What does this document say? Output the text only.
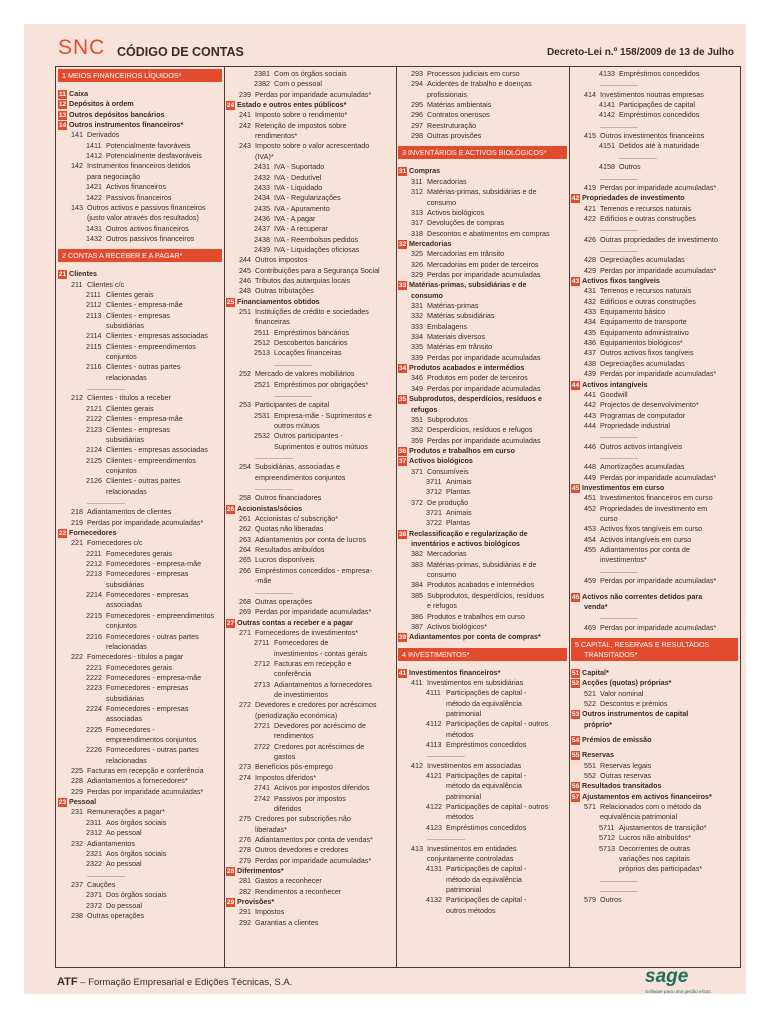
SNC CÓDIGO DE CONTAS	Decreto-Lei n.º 158/2009 de 13 de Julho
1 MEIOS FINANCEIROS LÍQUIDOS*
11 Caixa
12 Depósitos à ordem
13 Outros depósitos bancários
14 Outros instrumentos financeiros*
141 Derivados
1411 Potencialmente favoráveis
1412 Potencialmente desfavoráveis
142 Instrumentos financeiros detidos
para negociação
1421 Activos financeiros
1422 Passivos financeiros
143 Outros activos e passivos financeiros
(justo valor através dos resultados)
1431 Outros activos financeiros
1432 Outros passivos financeiros
2 CONTAS A RECEBER E A PAGAR*
21 Clientes
211 Clientes c/c
2111 Clientes gerais
2112 Clientes - empresa-mãe
2113 Clientes - empresas
subsidiárias
2114 Clientes - empresas associadas
2115 Clientes - empreendimentos
conjuntos
2116 Clientes - outras partes
relacionadas
...................
212 Clientes - títulos a receber
2121 Clientes gerais
2122 Clientes - empresa-mãe
2123 Clientes - empresas
subsidiárias
2124 Clientes - empresas associadas
2125 Clientes - empreendimentos
conjuntos
2126 Clientes - outras partes
relacionadas
...................
218 Adiantamentos de clientes
219 Perdas por imparidade acumuladas*
22 Fornecedores
221 Fornecedores c/c
2211 Fornecedores gerais
2212 Fornecedores - empresa-mãe
2213 Fornecedores - empresas
subsidiárias
2214 Fornecedores - empresas
associadas
2215 Fornecedores - empreendimentos
conjuntos
2216 Fornecedores - outras partes
relacionadas
222 Fornecedores - títulos a pagar
2221 Fornecedores gerais
2222 Fornecedores - empresa-mãe
2223 Fornecedores - empresas
subsidiárias
2224 Fornecedores - empresas
associadas
2225 Fornecedores -
empreendimentos conjuntos
2226 Fornecedores - outras partes
relacionadas
225 Facturas em recepção e conferência
228 Adiantamentos a fornecedores*
229 Perdas por imparidade acumuladas*
23 Pessoal
231 Remunerações a pagar*
2311 Aos órgãos sociais
2312 Ao pessoal
232 Adiantamentos
2321 Aos órgãos sociais
2322 Ao pessoal
...................
237 Cauções
2371 Dos órgãos sociais
2372 Do pessoal
238 Outras operações
2381 Com os órgãos sociais
2382 Com o pessoal
239 Perdas por imparidade acumuladas*
24 Estado e outros entes públicos*
241 Imposto sobre o rendimento*
242 Retenção de impostos sobre
rendimentos*
243 Imposto sobre o valor acrescentado
(IVA)*
2431 IVA - Suportado
2432 IVA - Dedutível
2433 IVA - Liquidado
2434 IVA - Regularizações
2435 IVA - Apuramento
2436 IVA - A pagar
2437 IVA - A recuperar
2438 IVA - Reembolsos pedidos
2439 IVA - Liquidações oficiosas
244 Outros impostos
245 Contribuições para a Segurança Social
246 Tributos das autarquias locais
248 Outras tributações
25 Financiamentos obtidos
251 Instituições de crédito e sociedades
financeiras
2511 Empréstimos bancários
2512 Descobertos bancários
2513 Locações financeiras
...................
252 Mercado de valores mobiliários
2521 Empréstimos por obrigações*
...................
253 Participantes de capital
2531 Empresa-mãe - Suprimentos e
outros mútuos
2532 Outros participantes -
Suprimentos e outros mútuos
...................
254 Subsidiárias, associadas e
empreendimentos conjuntos
...................
258 Outros financiadores
26 Accionistas/sócios
261 Accionistas c/ subscrição*
262 Quotas não liberadas
263 Adiantamentos por conta de lucros
264 Resultados atribuídos
265 Lucros disponíveis
266 Empréstimos concedidos - empresa-
-mãe
...................
268 Outras operações
269 Perdas por imparidade acumuladas*
27 Outras contas a receber e a pagar
271 Fornecedores de investimentos*
2711 Fornecedores de
investimentos - contas gerais
2712 Facturas em recepção e
conferência
2713 Adiantamentos a fornecedores
de investimentos
272 Devedores e credores por acréscimos
(periodização económica)
2721 Devedores por acréscimo de
rendimentos
2722 Credores por acréscimos de
gastos
273 Benefícios pós-emprego
274 Impostos diferidos*
2741 Activos por impostos diferidos
2742 Passivos por impostos
diferidos
275 Credores por subscrições não
liberadas*
276 Adiantamentos por conta de vendas*
278 Outros devedores e credores
279 Perdas por imparidade acumuladas*
28 Diferimentos*
281 Gastos a reconhecer
282 Rendimentos a reconhecer
29 Provisões*
291 Impostos
292 Garantias a clientes
293 Processos judiciais em curso
294 Acidentes de trabalho e doenças
profissionais
295 Matérias ambientais
296 Contratos onerosos
297 Reestruturação
298 Outras provisões
3 INVENTÁRIOS E ACTIVOS BIOLÓGICOS*
31 Compras
311 Mercadorias
312 Matérias-primas, subsidiárias e de
consumo
313 Activos biológicos
317 Devoluções de compras
318 Descontos e abatimentos em compras
32 Mercadorias
325 Mercadorias em trânsito
326 Mercadorias em poder de terceiros
329 Perdas por imparidade acumuladas
33 Matérias-primas, subsidiárias e de
consumo
331 Matérias-primas
332 Matérias subsidiárias
333 Embalagens
334 Materiais diversos
335 Matérias em trânsito
339 Perdas por imparidade acumuladas
34 Produtos acabados e intermédios
346 Produtos em poder de terceiros
349 Perdas por imparidade acumuladas
35 Subprodutos, desperdícios, resíduos e
refugos
351 Subprodutos
352 Desperdícios, resíduos e refugos
359 Perdas por imparidade acumuladas
36 Produtos e trabalhos em curso
37 Activos biológicos
371 Consumíveis
3711 Animais
3712 Plantas
372 De produção
3721 Animais
3722 Plantas
38 Reclassificação e regularização de
inventários e activos biológicos
382 Mercadorias
383 Matérias-primas, subsidiárias e de
consumo
384 Produtos acabados e intermédios
385 Subprodutos, desperdícios, resíduos
e refugos
386 Produtos e trabalhos em curso
387 Activos biológicos*
39 Adiantamentos por conta de compras*
4 INVESTIMENTOS*
41 Investimentos financeiros*
411 Investimentos em subsidiárias
4111 Participações de capital -
método da equivalência
patrimonial
4112 Participações de capital - outros
métodos
4113 Empréstimos concedidos
...................
412 Investimentos em associadas
4121 Participações de capital -
método da equivalência
patrimonial
4122 Participações de capital - outros
métodos
4123 Empréstimos concedidos
...................
413 Investimentos em entidades
conjuntamente controladas
4131 Participações de capital -
método da equivalência
patrimonial
4132 Participações de capital -
outros métodos
4133 Empréstimos concedidos
...................
414 Investimentos noutras empresas
4141 Participações de capital
4142 Empréstimos concedidos
...................
415 Outros investimentos financeiros
4151 Detidos até à maturidade
...................
4158 Outros
...................
419 Perdas por imparidade acumuladas*
42 Propriedades de investimento
421 Terrenos e recursos naturais
422 Edifícios e outras construções
...................
426 Outras propriedades de investimento
...................
428 Depreciações acumuladas
429 Perdas por imparidade acumuladas*
43 Activos fixos tangíveis
431 Terrenos e recursos naturais
432 Edifícios e outras construções
433 Equipamento básico
434 Equipamento de transporte
435 Equipamento administrativo
436 Equipamentos biológicos*
437 Outros activos fixos tangíveis
438 Depreciações acumuladas
439 Perdas por imparidade acumuladas*
44 Activos intangíveis
441 Goodwill
442 Projectos de desenvolvimento*
443 Programas de computador
444 Propriedade industrial
...................
446 Outros activos intangíveis
...................
448 Amortizações acumuladas
449 Perdas por imparidade acumuladas*
45 Investimentos em curso
451 Investimentos financeiros em curso
452 Propriedades de investimento em
curso
453 Activos fixos tangíveis em curso
454 Activos intangíveis em curso
455 Adiantamentos por conta de
investimentos*
...................
459 Perdas por imparidade acumuladas*
46 Activos não correntes detidos para
venda*
...................
469 Perdas por imparidade acumuladas*
5 CAPITAL, RESERVAS E RESULTADOS
TRANSITADOS*
51 Capital*
52 Acções (quotas) próprias*
521 Valor nominal
522 Descontos e prémios
53 Outros instrumentos de capital
próprio*
54 Prémios de emissão
55 Reservas
551 Reservas legais
552 Outras reservas
56 Resultados transitados
57 Ajustamentos em activos financeiros*
571 Relacionados com o método da
equivalência patrimonial
5711 Ajustamentos de transição*
5712 Lucros não atribuídos*
5713 Decorrentes de outras
variações nos capitais
próprios das participadas*
...................
...................
579 Outros
ATF – Formação Empresarial e Edições Técnicas, S.A.	sage
Software para uma gestão eficaz.
